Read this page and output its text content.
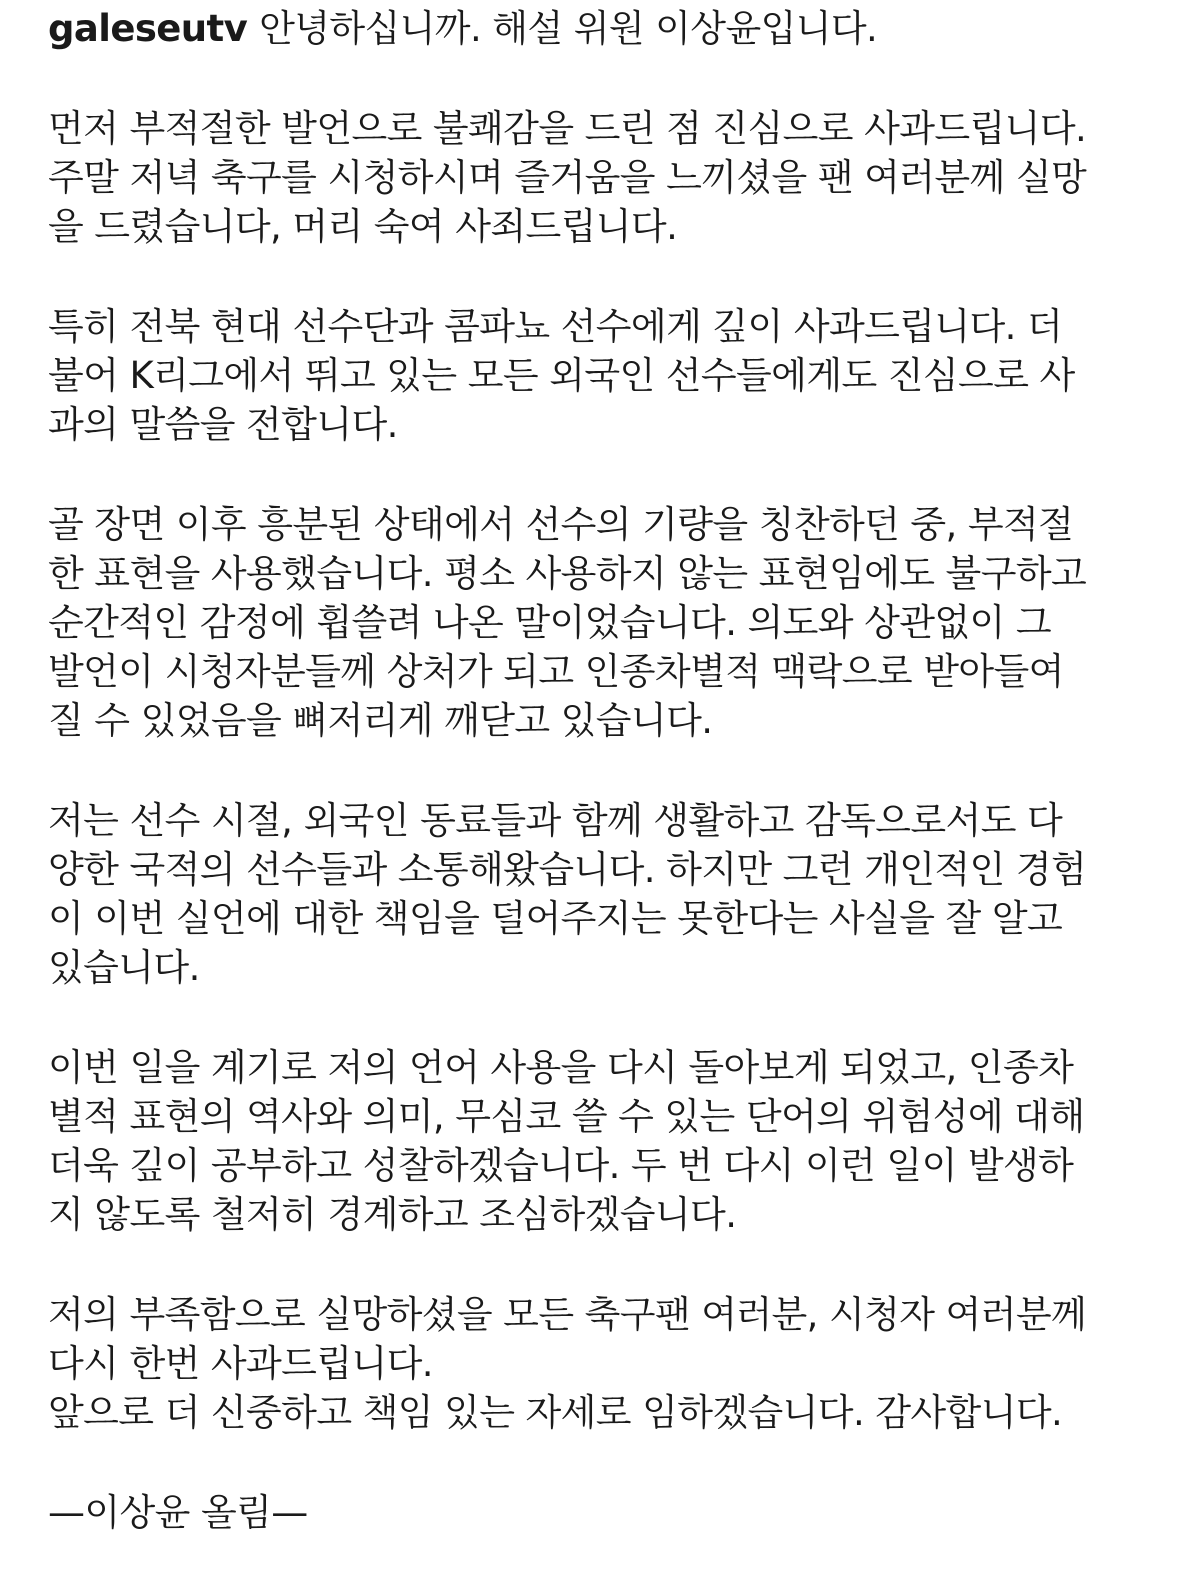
galeseutv 안녕하십니까. 해설 위원 이상윤입니다.

먼저 부적절한 발언으로 불쾌감을 드린 점 진심으로 사과드립니다.

주말 저녁 축구를 시청하시며 즐거움을 느끼셨을 팬 여러분께 실망

을 드렸습니다, 머리 숙여 사죄드립니다.

특히 전북 현대 선수단과 콤파뇨 선수에게 깊이 사과드립니다. 더

불어 K리그에서 뛰고 있는 모든 외국인 선수들에게도 진심으로 사

과의 말씀을 전합니다.

골 장면 이후 흥분된 상태에서 선수의 기량을 칭찬하던 중, 부적절

한 표현을 사용했습니다. 평소 사용하지 않는 표현임에도 불구하고

순간적인 감정에 휩쓸려 나온 말이었습니다. 의도와 상관없이 그

발언이 시청자분들께 상처가 되고 인종차별적 맥락으로 받아들여

질 수 있었음을 뼈저리게 깨닫고 있습니다.

저는 선수 시절, 외국인 동료들과 함께 생활하고 감독으로서도 다

양한 국적의 선수들과 소통해왔습니다. 하지만 그런 개인적인 경험

이 이번 실언에 대한 책임을 덜어주지는 못한다는 사실을 잘 알고

있습니다.

이번 일을 계기로 저의 언어 사용을 다시 돌아보게 되었고, 인종차

별적 표현의 역사와 의미, 무심코 쓸 수 있는 단어의 위험성에 대해

더욱 깊이 공부하고 성찰하겠습니다. 두 번 다시 이런 일이 발생하

지 않도록 철저히 경계하고 조심하겠습니다.

저의 부족함으로 실망하셨을 모든 축구팬 여러분, 시청자 여러분께

다시 한번 사과드립니다.

앞으로 더 신중하고 책임 있는 자세로 임하겠습니다. 감사합니다.

—이상윤 올림—
